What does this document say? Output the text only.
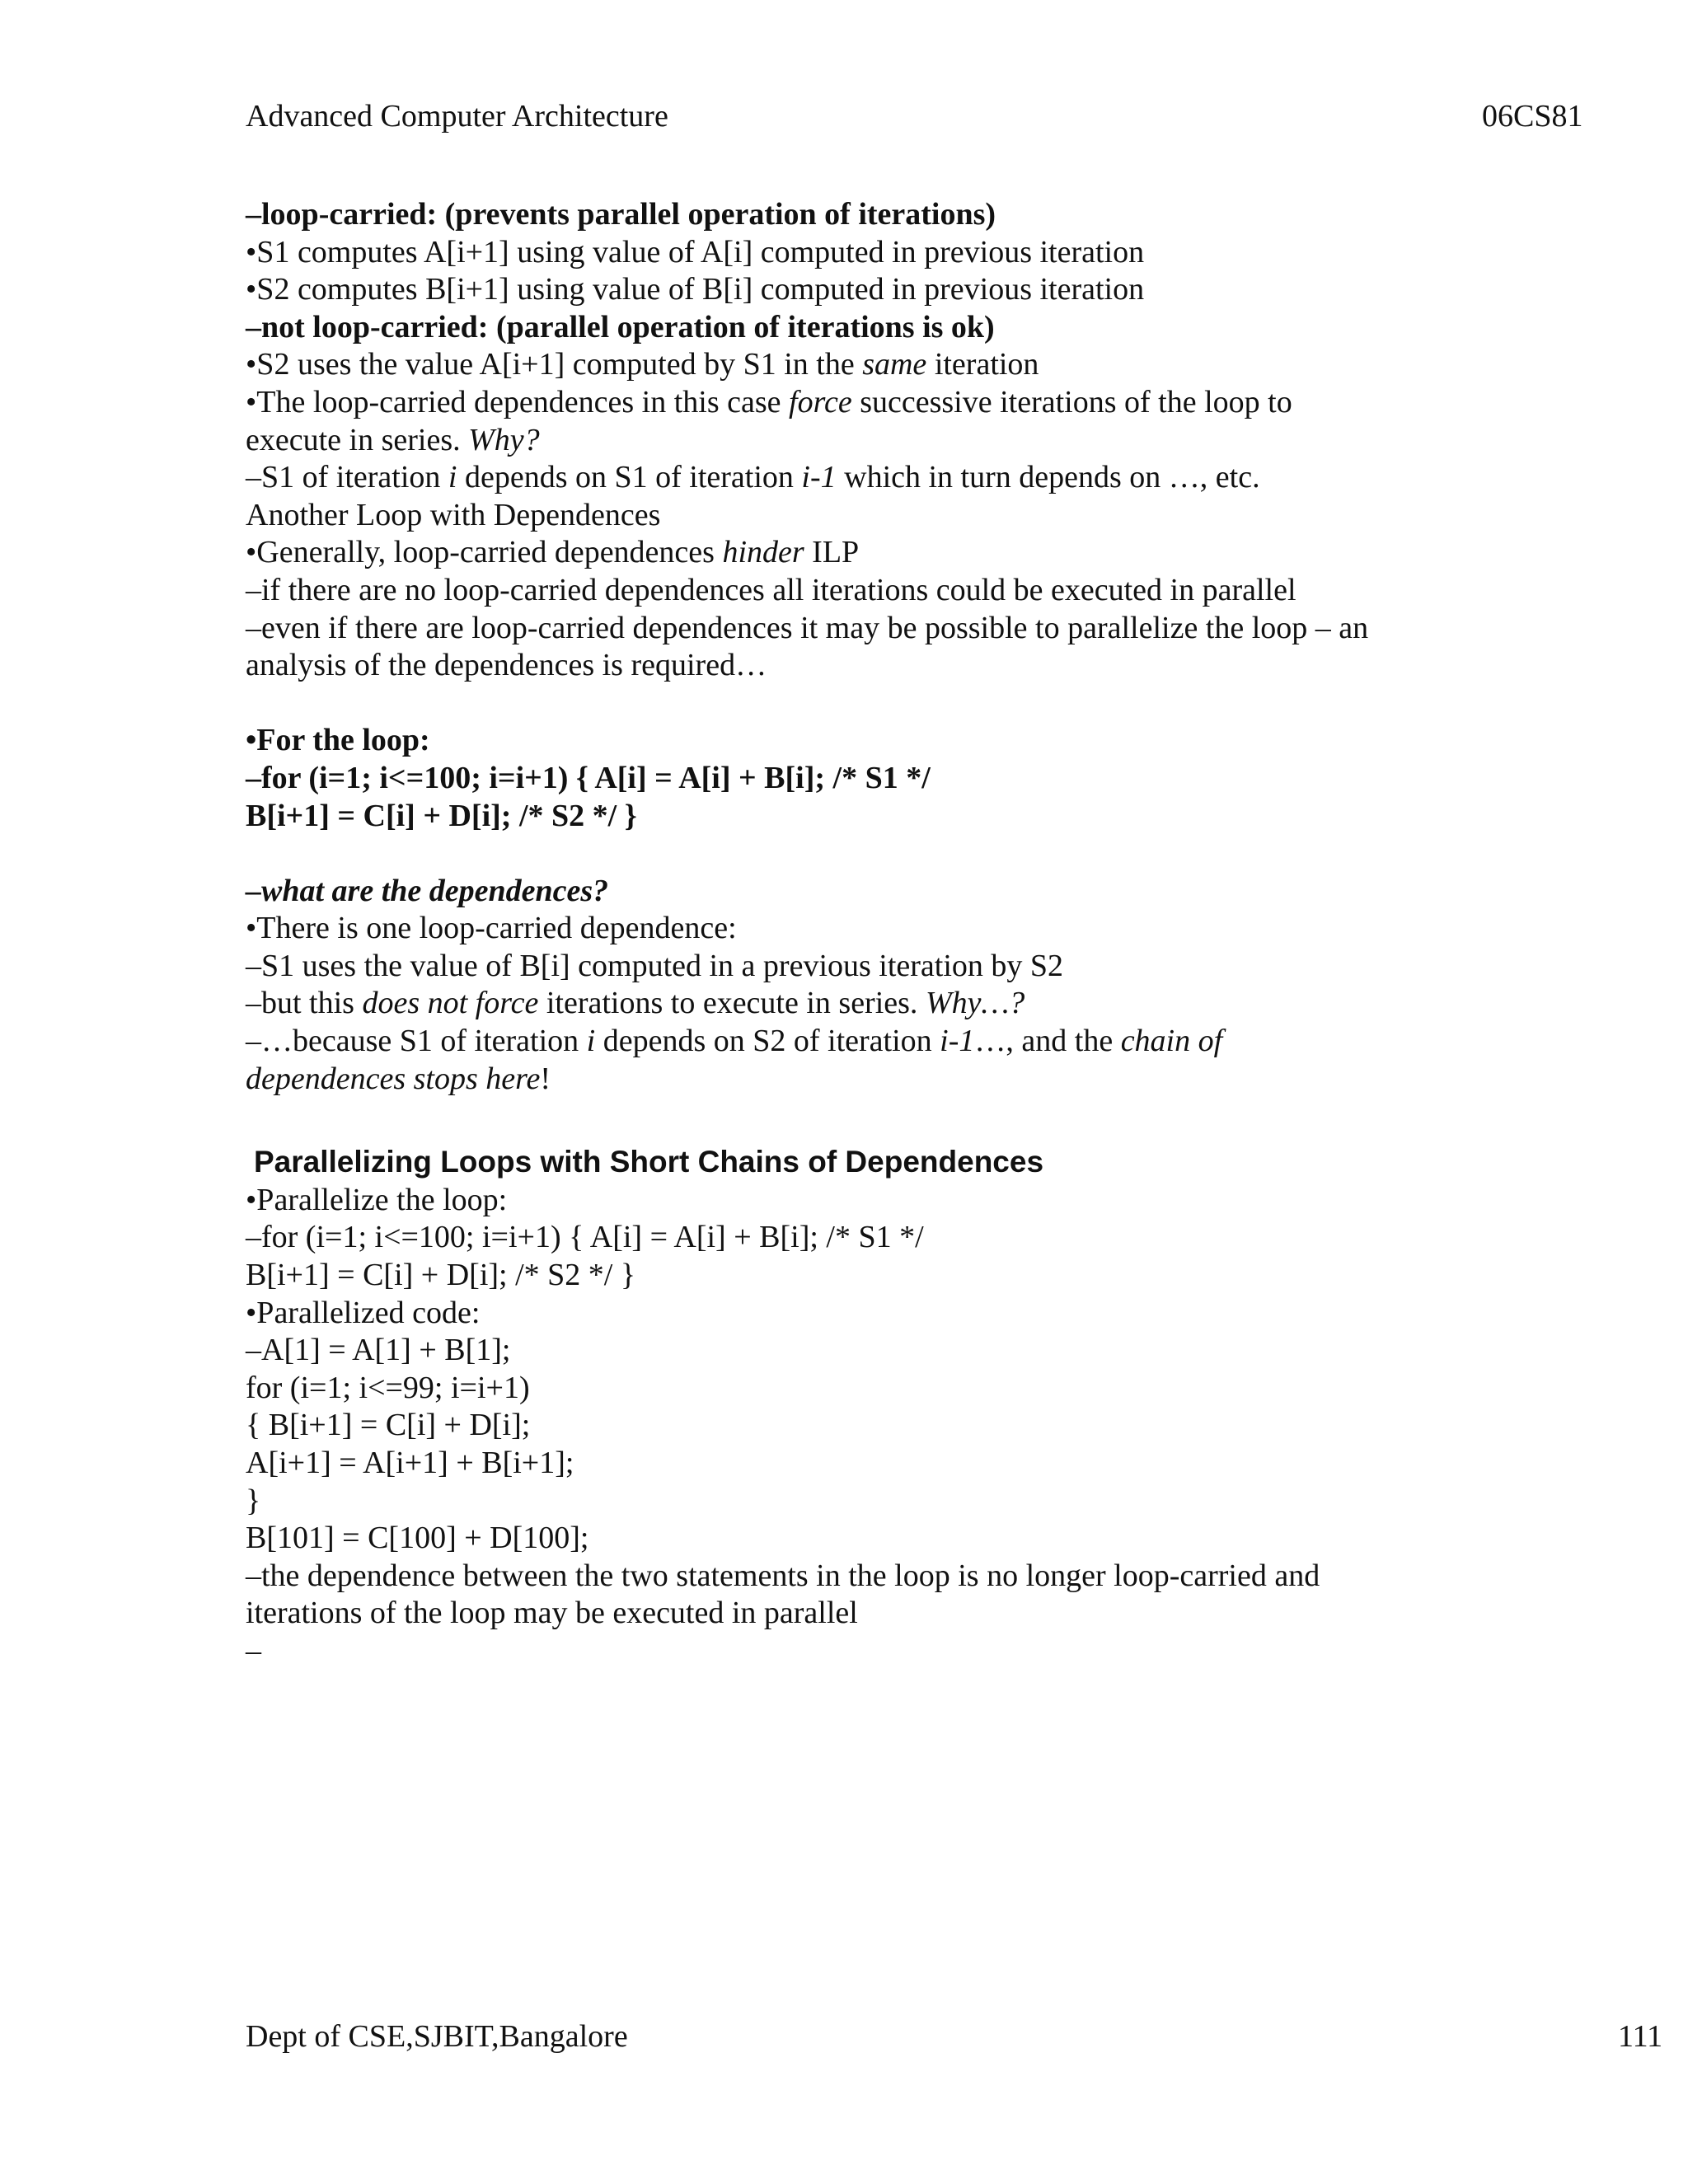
Advanced Computer Architecture	06CS81
–loop-carried: (prevents parallel operation of iterations)
•S1 computes A[i+1] using value of A[i] computed in previous iteration
•S2 computes B[i+1] using value of B[i] computed in previous iteration
–not loop-carried: (parallel operation of iterations is ok)
•S2 uses the value A[i+1] computed by S1 in the same iteration
•The loop-carried dependences in this case force successive iterations of the loop to
execute in series. Why?
–S1 of iteration i depends on S1 of iteration i-1 which in turn depends on …, etc.
Another Loop with Dependences
•Generally, loop-carried dependences hinder ILP
–if there are no loop-carried dependences all iterations could be executed in parallel
–even if there are loop-carried dependences it may be possible to parallelize the loop – an
analysis of the dependences is required…
•For the loop:
–for (i=1; i<=100; i=i+1) { A[i] = A[i] + B[i]; /* S1 */
B[i+1] = C[i] + D[i]; /* S2 */ }
–what are the dependences?
•There is one loop-carried dependence:
–S1 uses the value of B[i] computed in a previous iteration by S2
–but this does not force iterations to execute in series. Why…?
–…because S1 of iteration i depends on S2 of iteration i-1…, and the chain of
dependences stops here!
Parallelizing Loops with Short Chains of Dependences
•Parallelize the loop:
–for (i=1; i<=100; i=i+1) { A[i] = A[i] + B[i]; /* S1 */
B[i+1] = C[i] + D[i]; /* S2 */ }
•Parallelized code:
–A[1] = A[1] + B[1];
for (i=1; i<=99; i=i+1)
{ B[i+1] = C[i] + D[i];
A[i+1] = A[i+1] + B[i+1];
}
B[101] = C[100] + D[100];
–the dependence between the two statements in the loop is no longer loop-carried and
iterations of the loop may be executed in parallel
–
Dept of CSE,SJBIT,Bangalore	111
